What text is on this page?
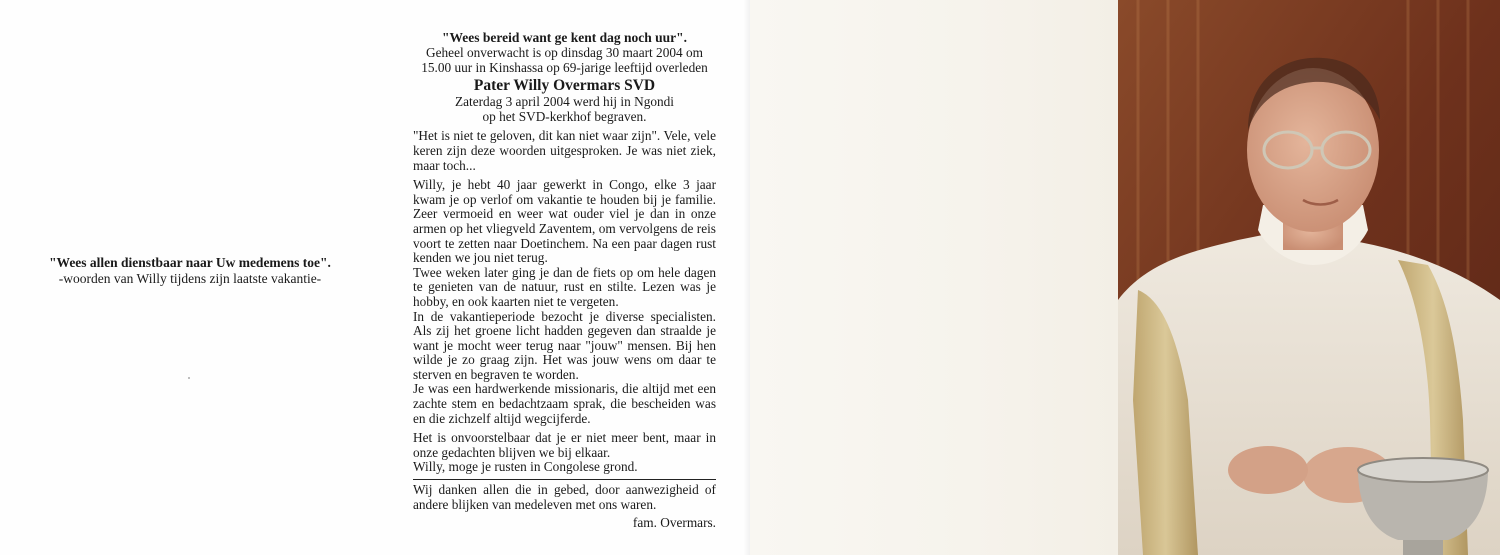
"Wees allen dienstbaar naar Uw medemens toe".
-woorden van Willy tijdens zijn laatste vakantie-
"Wees bereid want ge kent dag noch uur".
Geheel onverwacht is op dinsdag 30 maart 2004 om
15.00 uur in Kinshassa op 69-jarige leeftijd overleden
Pater Willy Overmars SVD
Zaterdag 3 april 2004 werd hij in Ngondi
op het SVD-kerkhof begraven.

"Het is niet te geloven, dit kan niet waar zijn". Vele, vele keren zijn deze woorden uitgesproken. Je was niet ziek, maar toch...

Willy, je hebt 40 jaar gewerkt in Congo, elke 3 jaar kwam je op verlof om vakantie te houden bij je familie. Zeer vermoeid en weer wat ouder viel je dan in onze armen op het vliegveld Zaventem, om vervolgens de reis voort te zetten naar Doetinchem. Na een paar dagen rust kenden we jou niet terug.

Twee weken later ging je dan de fiets op om hele dagen te genieten van de natuur, rust en stilte. Lezen was je hobby, en ook kaarten niet te vergeten.

In de vakantieperiode bezocht je diverse specialisten. Als zij het groene licht hadden gegeven dan straalde je want je mocht weer terug naar "jouw" mensen. Bij hen wilde je zo graag zijn. Het was jouw wens om daar te sterven en begraven te worden.

Je was een hardwerkende missionaris, die altijd met een zachte stem en bedachtzaam sprak, die bescheiden was en die zichzelf altijd wegcijferde.

Het is onvoorstelbaar dat je er niet meer bent, maar in onze gedachten blijven we bij elkaar.

Willy, moge je rusten in Congolese grond.

Wij danken allen die in gebed, door aanwezigheid of andere blijken van medeleven met ons waren.

fam. Overmars.
